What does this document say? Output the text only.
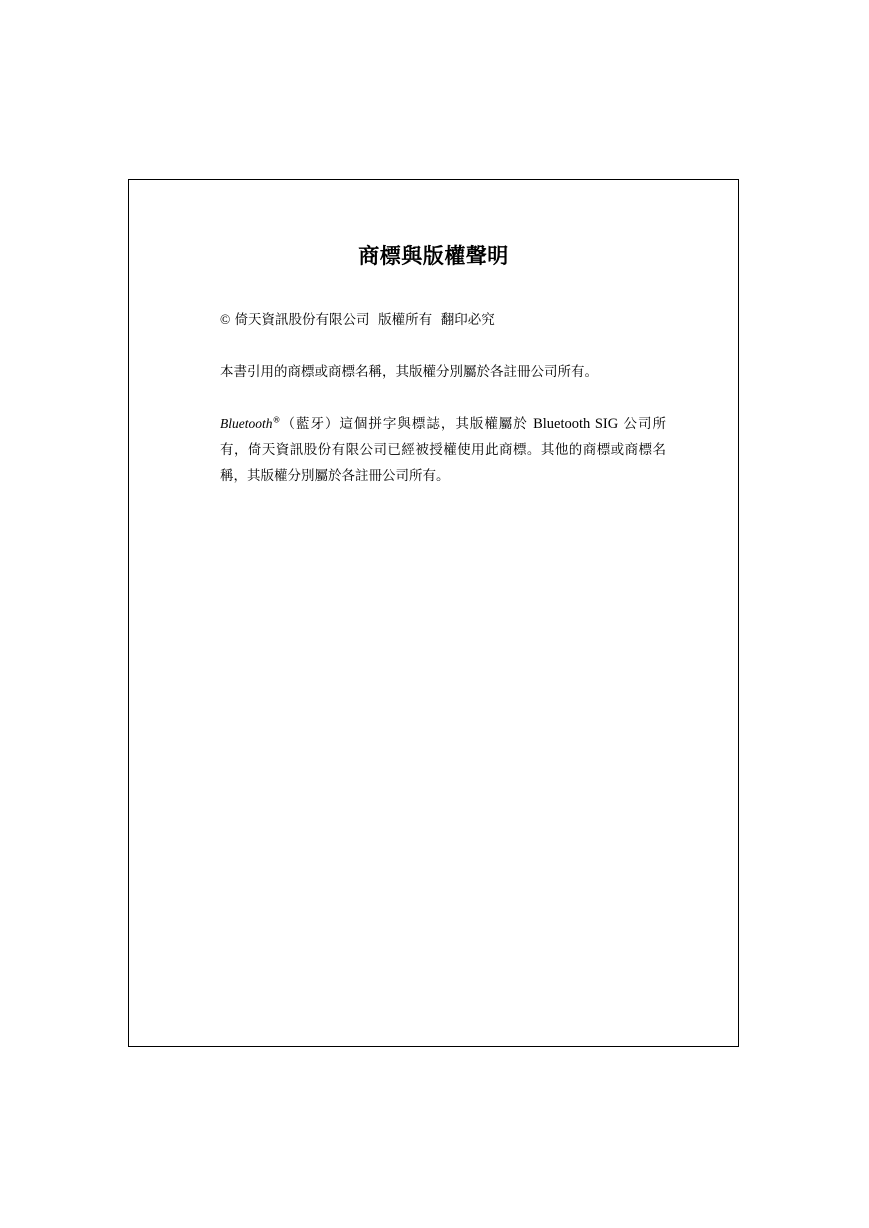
商標與版權聲明

© 倚天資訊股份有限公司  版權所有  翻印必究

本書引用的商標或商標名稱，其版權分別屬於各註冊公司所有。

Bluetooth®（藍牙）這個拼字與標誌，其版權屬於 Bluetooth SIG 公司所有，倚天資訊股份有限公司已經被授權使用此商標。其他的商標或商標名稱，其版權分別屬於各註冊公司所有。
